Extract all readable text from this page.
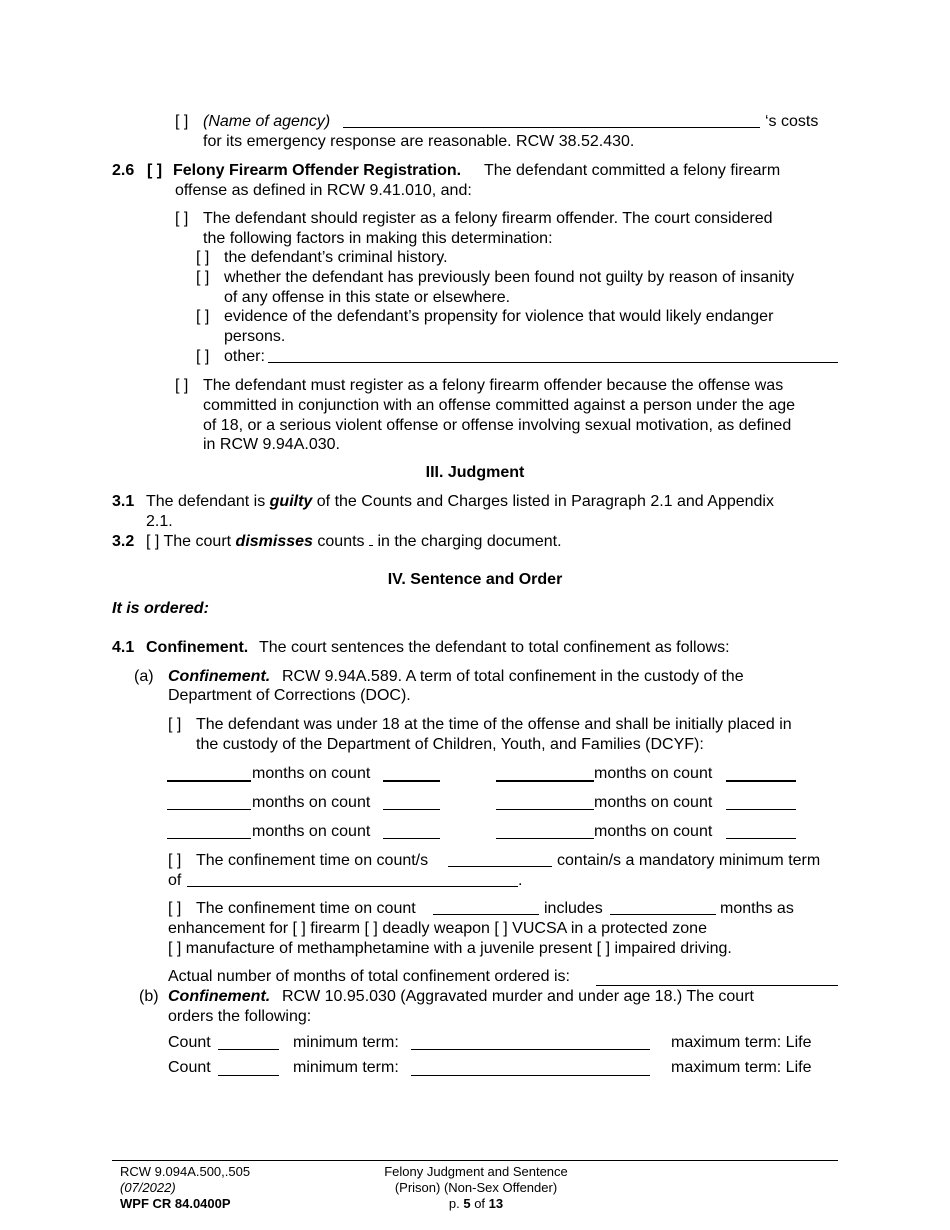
[ ] (Name of agency)	‘s costs
for its emergency response are reasonable. RCW 38.52.430.
2.6 [ ] Felony Firearm Offender Registration. The defendant committed a felony firearm
offense as defined in RCW 9.41.010, and:
[ ] The defendant should register as a felony firearm offender. The court considered
the following factors in making this determination:
[ ] the defendant’s criminal history.
[ ] whether the defendant has previously been found not guilty by reason of insanity
of any offense in this state or elsewhere.
[ ] evidence of the defendant’s propensity for violence that would likely endanger
persons.
[ ] other:
[ ] The defendant must register as a felony firearm offender because the offense was
committed in conjunction with an offense committed against a person under the age
of 18, or a serious violent offense or offense involving sexual motivation, as defined
in RCW 9.94A.030.
III. Judgment
3.1 The defendant is guilty of the Counts and Charges listed in Paragraph 2.1 and Appendix
2.1.
3.2 [ ] The court dismisses counts in the charging document.
IV. Sentence and Order
It is ordered:
4.1 Confinement. The court sentences the defendant to total confinement as follows:
(a) Confinement. RCW 9.94A.589. A term of total confinement in the custody of the
Department of Corrections (DOC).
[ ] The defendant was under 18 at the time of the offense and shall be initially placed in
the custody of the Department of Children, Youth, and Families (DCYF):
months on count	months on count
months on count	months on count
months on count	months on count
[ ] The confinement time on count/s	contain/s a mandatory minimum term
of	.
[ ] The confinement time on count	includes	months as
enhancement for [ ] firearm [ ] deadly weapon [ ] VUCSA in a protected zone
[ ] manufacture of methamphetamine with a juvenile present [ ] impaired driving.
Actual number of months of total confinement ordered is:
(b) Confinement. RCW 10.95.030 (Aggravated murder and under age 18.) The court
orders the following:
Count	minimum term:	maximum term: Life
Count	minimum term:	maximum term: Life
RCW 9.094A.500,.505
(07/2022)
WPF CR 84.0400P
Felony Judgment and Sentence
(Prison) (Non-Sex Offender)
p. 5 of 13
